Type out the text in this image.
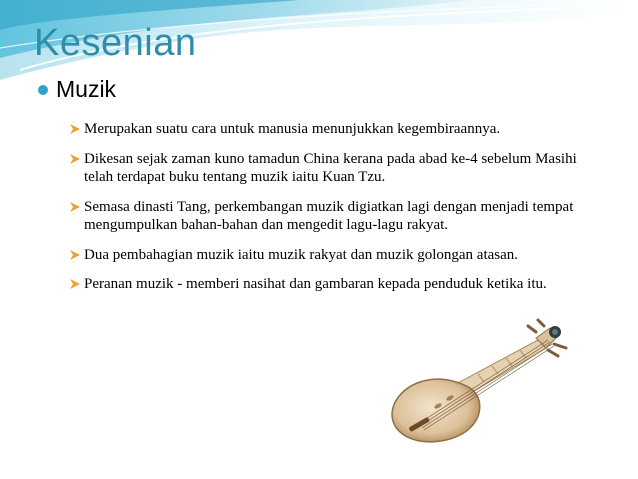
Kesenian
Muzik
Merupakan suatu cara untuk manusia menunjukkan kegembiraannya.
Dikesan sejak zaman kuno tamadun China kerana pada abad ke-4 sebelum Masihi telah terdapat buku tentang muzik iaitu Kuan Tzu.
Semasa dinasti Tang, perkembangan muzik digiatkan lagi dengan menjadi tempat mengumpulkan bahan-bahan dan mengedit lagu-lagu rakyat.
Dua pembahagian muzik iaitu muzik rakyat dan muzik golongan atasan.
Peranan muzik - memberi nasihat dan gambaran kepada penduduk ketika itu.
